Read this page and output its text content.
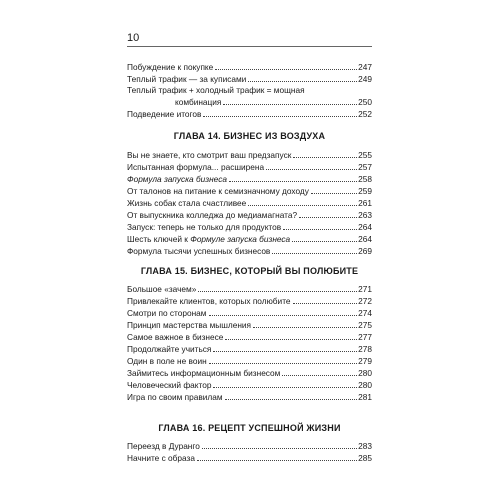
10
Побуждение к покупке	247
Теплый трафик — за куписами	249
Теплый трафик + холодный трафик = мощная
комбинация	250
Подведение итогов	252
ГЛАВА 14. БИЗНЕС ИЗ ВОЗДУХА
Вы не знаете, кто смотрит ваш предзапуск	255
Испытанная формула... расширена	257
Формула запуска бизнеса	258
От талонов на питание к семизначному доходу	259
Жизнь собак стала счастливее	261
От выпускника колледжа до медиамагната?	263
Запуск: теперь не только для продуктов	264
Шесть ключей к Формуле запуска бизнеса	264
Формула тысячи успешных бизнесов	269
ГЛАВА 15. БИЗНЕС, КОТОРЫЙ ВЫ ПОЛЮБИТЕ
Большое «зачем»	271
Привлекайте клиентов, которых полюбите	272
Смотри по сторонам	274
Принцип мастерства мышления	275
Самое важное в бизнесе	277
Продолжайте учиться	278
Один в поле не воин	279
Займитесь информационным бизнесом	280
Человеческий фактор	280
Игра по своим правилам	281
ГЛАВА 16. РЕЦЕПТ УСПЕШНОЙ ЖИЗНИ
Переезд в Дуранго	283
Начните с образа	285
